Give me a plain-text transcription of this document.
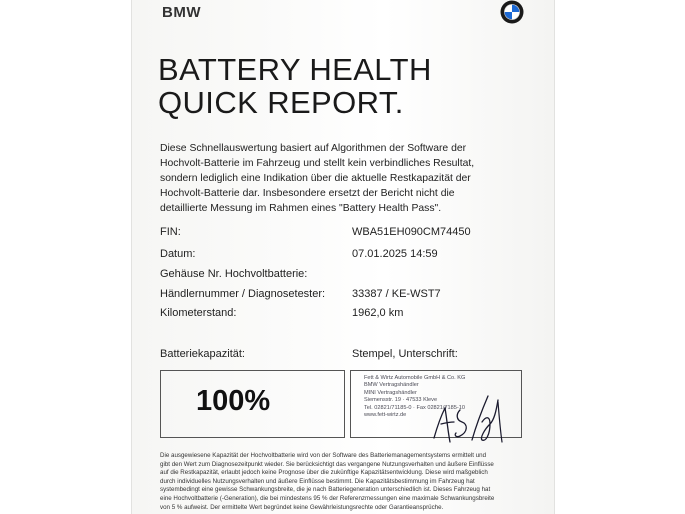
BMW
BATTERY HEALTH
QUICK REPORT.
Diese Schnellauswertung basiert auf Algorithmen der Software der
Hochvolt-Batterie im Fahrzeug und stellt kein verbindliches Resultat,
sondern lediglich eine Indikation über die aktuelle Restkapazität der
Hochvolt-Batterie dar. Insbesondere ersetzt der Bericht nicht die
detaillierte Messung im Rahmen eines "Battery Health Pass".
FIN:	WBA51EH090CM74450
Datum:	07.01.2025 14:59
Gehäuse Nr. Hochvoltbatterie:
Händlernummer / Diagnosetester: 33387 / KE-WST7
Kilometerstand:	1962,0 km
Batteriekapazität:	Stempel, Unterschrift:
100%
Fett & Wirtz Automobile GmbH & Co. KG
BMW Vertragshändler
MINI Vertragshändler
Siemensstr. 19 · 47533 Kleve
Tel. 02821/71185-0 · Fax 02821/7185-10
www.fett-wirtz.de
Die ausgewiesene Kapazität der Hochvoltbatterie wird von der Software des Batteriemanagementsystems ermittelt und
gibt den Wert zum Diagnosezeitpunkt wieder. Sie berücksichtigt das vergangene Nutzungsverhalten und äußere Einflüsse
auf die Restkapazität, erlaubt jedoch keine Prognose über die zukünftige Kapazitätsentwicklung. Diese wird maßgeblich
durch individuelles Nutzungsverhalten und äußere Einflüsse bestimmt. Die Kapazitätsbestimmung im Fahrzeug hat
systembedingt eine gewisse Schwankungsbreite, die je nach Batteriegeneration unterschiedlich ist. Dieses Fahrzeug hat
eine Hochvoltbatterie (-Generation), die bei mindestens 95 % der Referenzmessungen eine maximale Schwankungsbreite
von 5 % aufweist. Der ermittelte Wert begründet keine Gewährleistungsrechte oder Garantieansprüche.
